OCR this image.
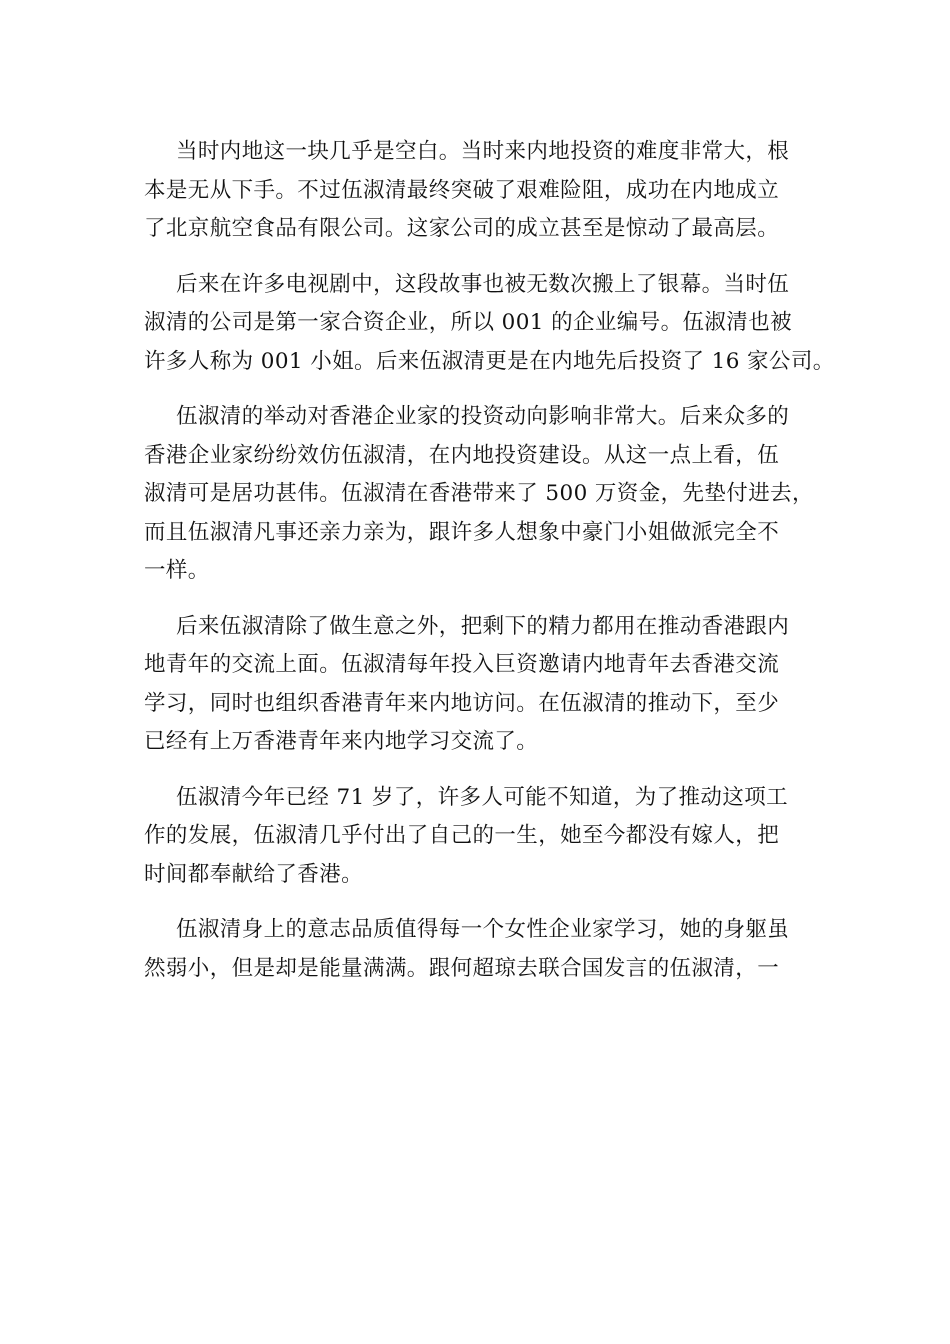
当时内地这一块几乎是空白。当时来内地投资的难度非常大，根
本是无从下手。不过伍淑清最终突破了艰难险阻，成功在内地成立
了北京航空食品有限公司。这家公司的成立甚至是惊动了最高层。
后来在许多电视剧中，这段故事也被无数次搬上了银幕。当时伍
淑清的公司是第一家合资企业，所以 001 的企业编号。伍淑清也被
许多人称为 001 小姐。后来伍淑清更是在内地先后投资了 16 家公司。
伍淑清的举动对香港企业家的投资动向影响非常大。后来众多的
香港企业家纷纷效仿伍淑清，在内地投资建设。从这一点上看，伍
淑清可是居功甚伟。伍淑清在香港带来了 500 万资金，先垫付进去，
而且伍淑清凡事还亲力亲为，跟许多人想象中豪门小姐做派完全不
一样。
后来伍淑清除了做生意之外，把剩下的精力都用在推动香港跟内
地青年的交流上面。伍淑清每年投入巨资邀请内地青年去香港交流
学习，同时也组织香港青年来内地访问。在伍淑清的推动下，至少
已经有上万香港青年来内地学习交流了。
伍淑清今年已经 71 岁了，许多人可能不知道，为了推动这项工
作的发展，伍淑清几乎付出了自己的一生，她至今都没有嫁人，把
时间都奉献给了香港。
伍淑清身上的意志品质值得每一个女性企业家学习，她的身躯虽
然弱小，但是却是能量满满。跟何超琼去联合国发言的伍淑清，一
